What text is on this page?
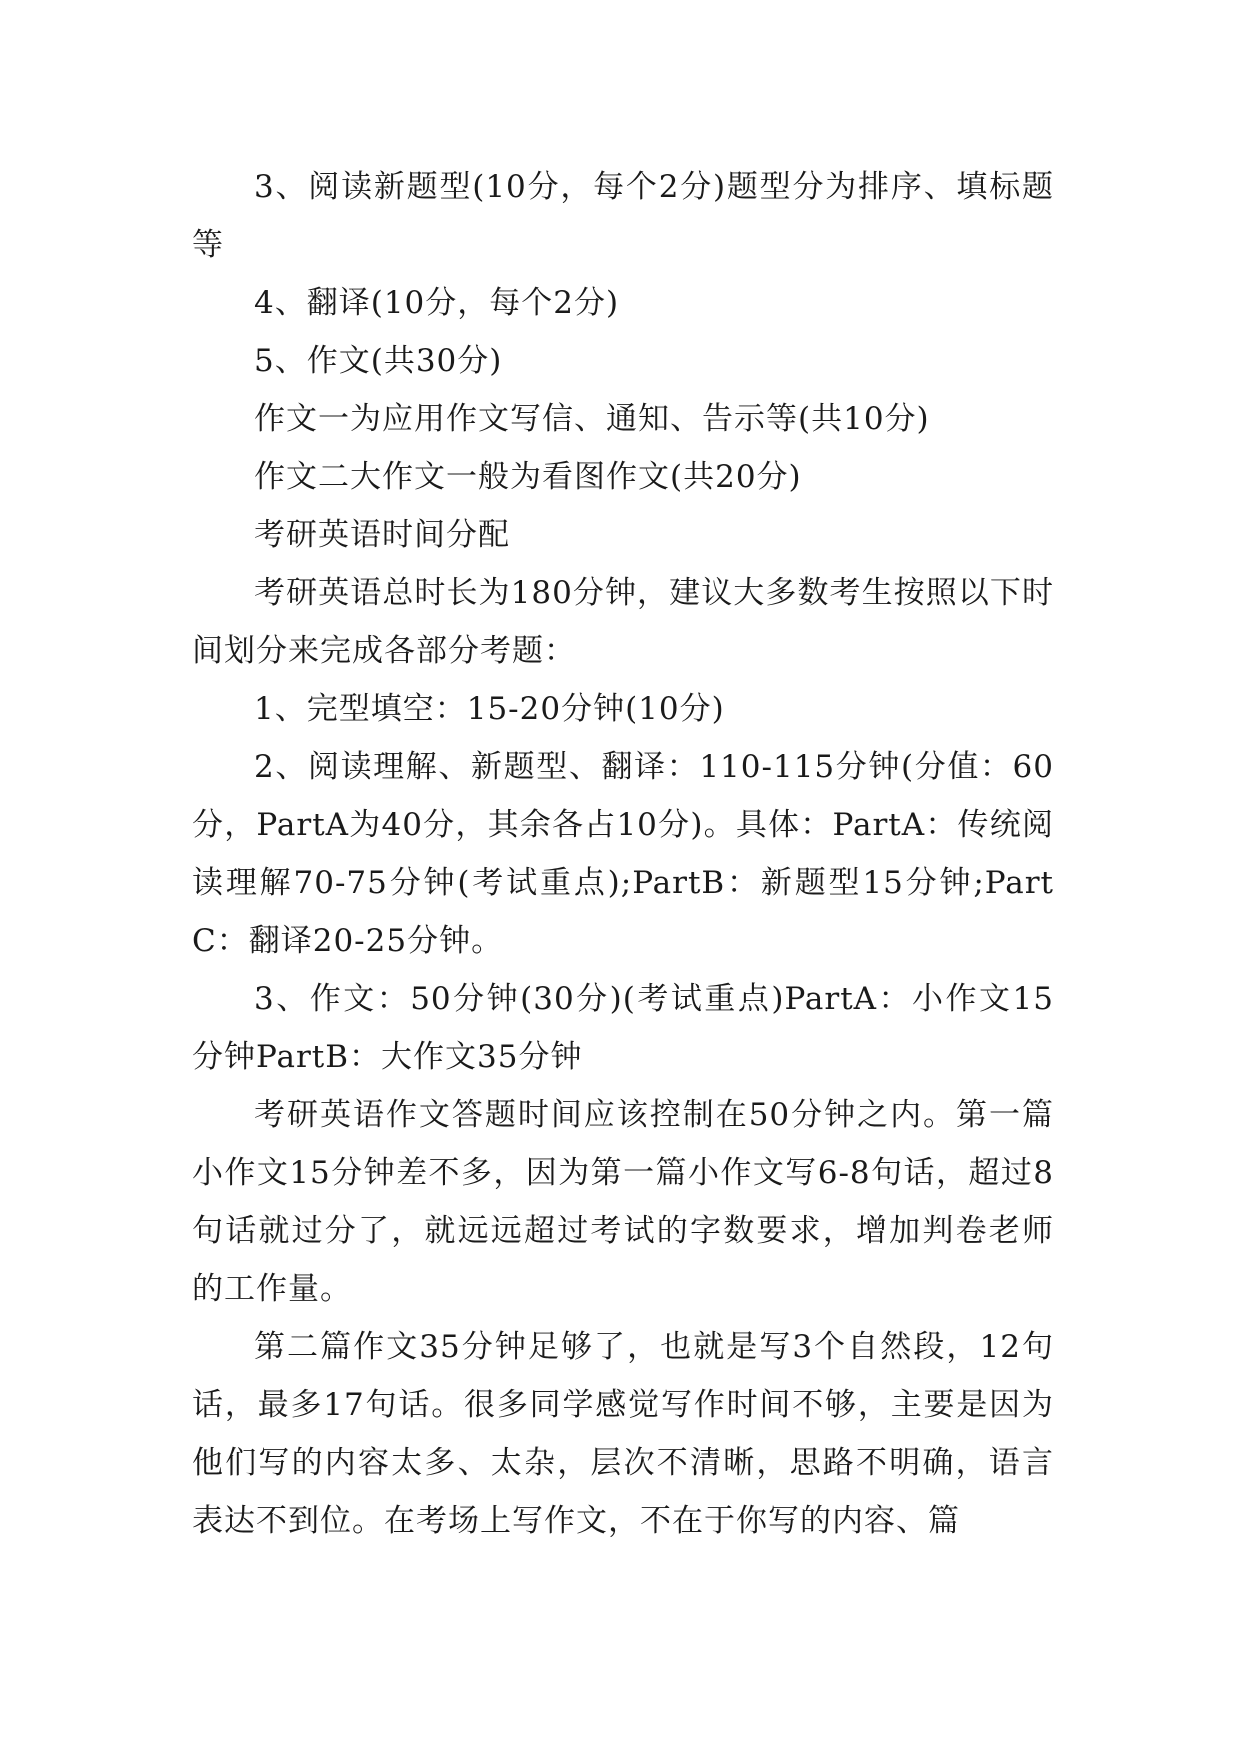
3、阅读新题型(10分，每个2分)题型分为排序、填标题等

4、翻译(10分，每个2分)

5、作文(共30分)

作文一为应用作文写信、通知、告示等(共10分)

作文二大作文一般为看图作文(共20分)

考研英语时间分配

考研英语总时长为180分钟，建议大多数考生按照以下时间划分来完成各部分考题：

1、完型填空：15-20分钟(10分)

2、阅读理解、新题型、翻译：110-115分钟(分值：60分，PartA为40分，其余各占10分)。具体：PartA：传统阅读理解70-75分钟(考试重点);PartB：新题型15分钟;PartC：翻译20-25分钟。

3、作文：50分钟(30分)(考试重点)PartA：小作文15分钟PartB：大作文35分钟

考研英语作文答题时间应该控制在50分钟之内。第一篇小作文15分钟差不多，因为第一篇小作文写6-8句话，超过8句话就过分了，就远远超过考试的字数要求，增加判卷老师的工作量。

第二篇作文35分钟足够了，也就是写3个自然段，12句话，最多17句话。很多同学感觉写作时间不够，主要是因为他们写的内容太多、太杂，层次不清晰，思路不明确，语言表达不到位。在考场上写作文，不在于你写的内容、篇
